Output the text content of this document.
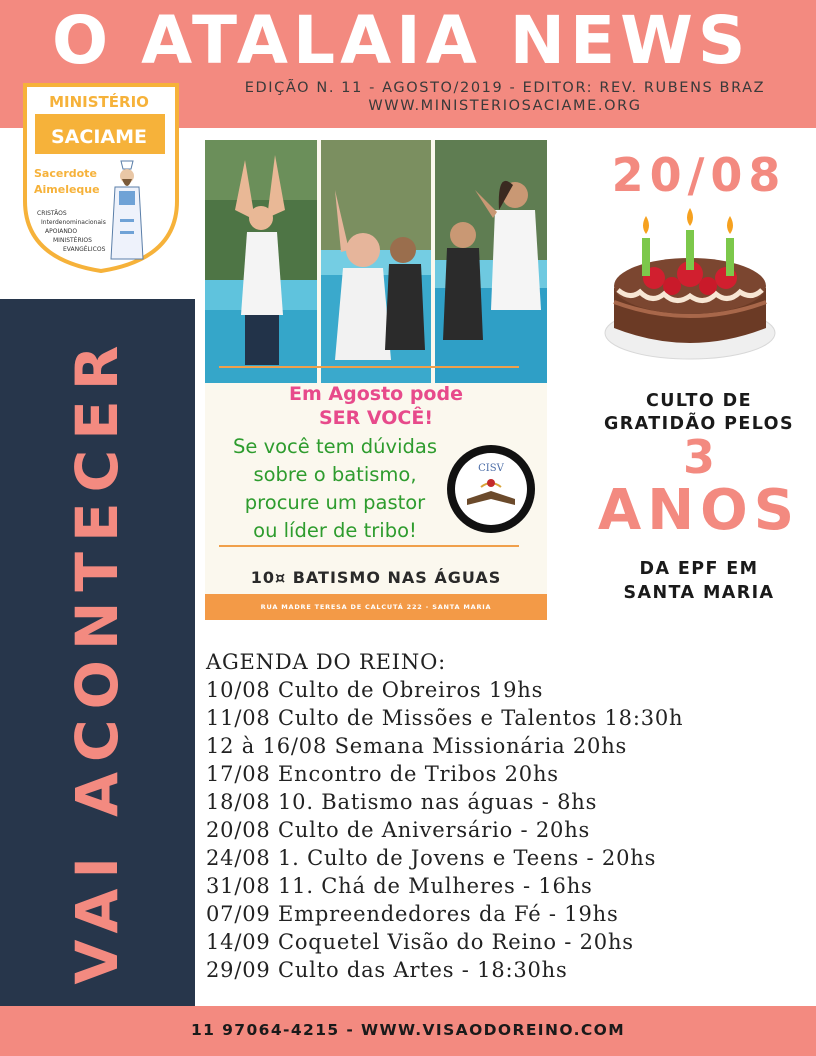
O ATALAIA NEWS
EDIÇÃO N. 11 - AGOSTO/2019 - EDITOR: REV. RUBENS BRAZ
WWW.MINISTERIOSACIAME.ORG
MINISTÉRIO
SACIAME
Sacerdote
Aimeleque
CRISTÃOS
Interdenominacionais
APOIANDO
MINISTÉRIOS
EVANGÉLICOS
VAI ACONTECER	Em Agosto pode
SER VOCÊ!
Se você tem dúvidas
sobre o batismo,
procure um pastor
ou líder de tribo!
CISV
10¤ BATISMO NAS ÁGUAS
RUA MADRE TERESA DE CALCUTÁ 222 - SANTA MARIA
20/08
CULTO DE
GRATIDÃO PELOS
3
ANOS
DA EPF EM
SANTA MARIA
AGENDA DO REINO:
10/08 Culto de Obreiros 19hs
11/08 Culto de Missões e Talentos 18:30h
12 à 16/08 Semana Missionária 20hs
17/08 Encontro de Tribos 20hs
18/08 10. Batismo nas águas - 8hs
20/08 Culto de Aniversário - 20hs
24/08 1. Culto de Jovens e Teens - 20hs
31/08 11. Chá de Mulheres - 16hs
07/09 Empreendedores da Fé - 19hs
14/09 Coquetel Visão do Reino - 20hs
29/09 Culto das Artes - 18:30hs
11 97064-4215 - WWW.VISAODOREINO.COM
